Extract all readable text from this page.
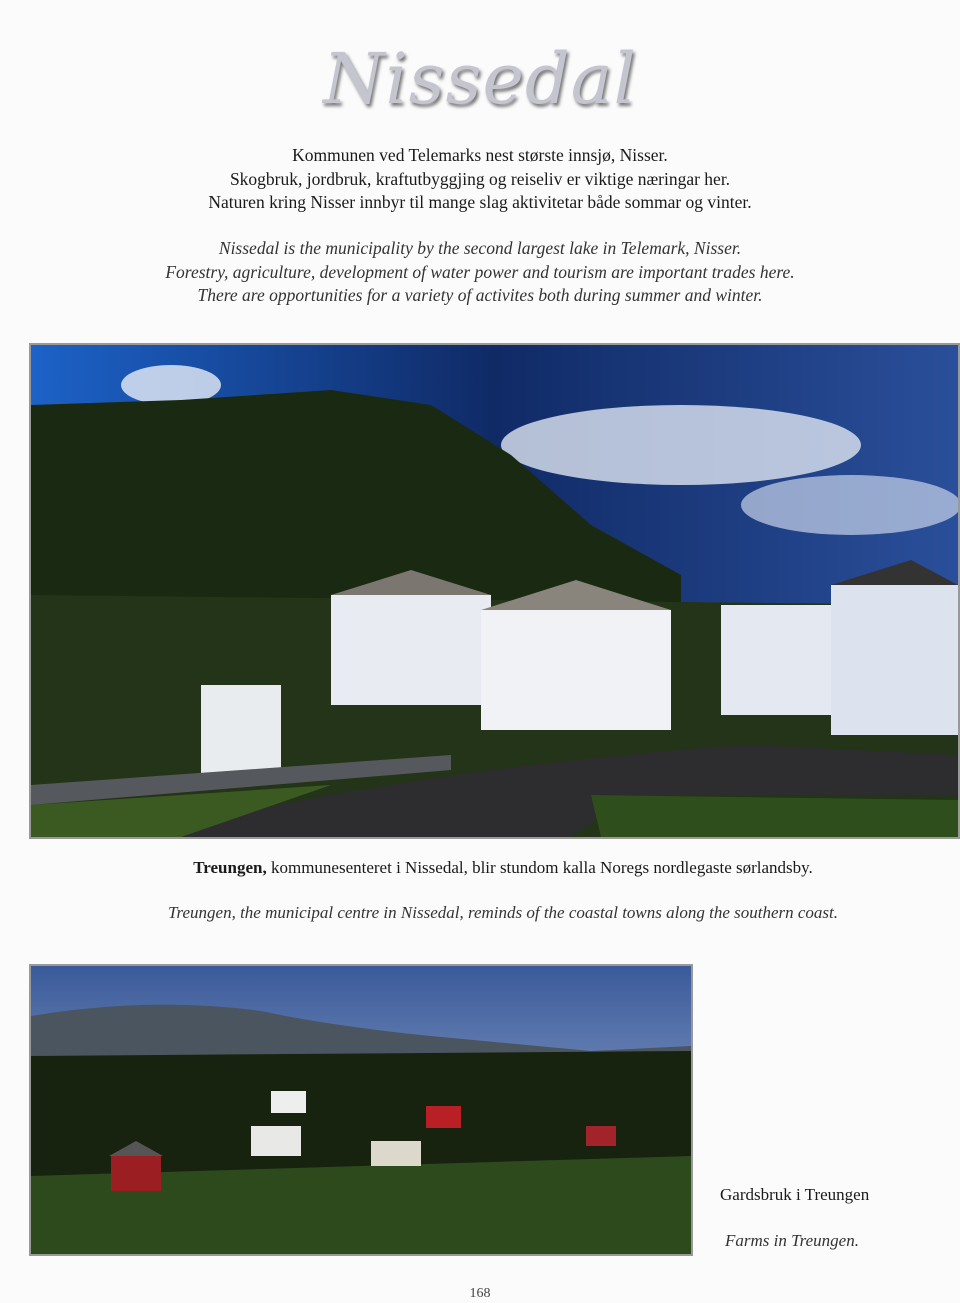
Nissedal
Kommunen ved Telemarks nest største innsjø, Nisser.
Skogbruk, jordbruk, kraftutbyggjing og reiseliv er viktige næringar her.
Naturen kring Nisser innbyr til mange slag aktivitetar både sommar og vinter.
Nissedal is the municipality by the second largest lake in Telemark, Nisser.
Forestry, agriculture, development of water power and tourism are important trades here.
There are opportunities for a variety of activites both during summer and winter.
Treungen, kommunesenteret i Nissedal, blir stundom kalla Noregs nordlegaste sørlandsby.
Treungen, the municipal centre in Nissedal, reminds of the coastal towns along the southern coast.
Gardsbruk i Treungen
Farms in Treungen.
168
